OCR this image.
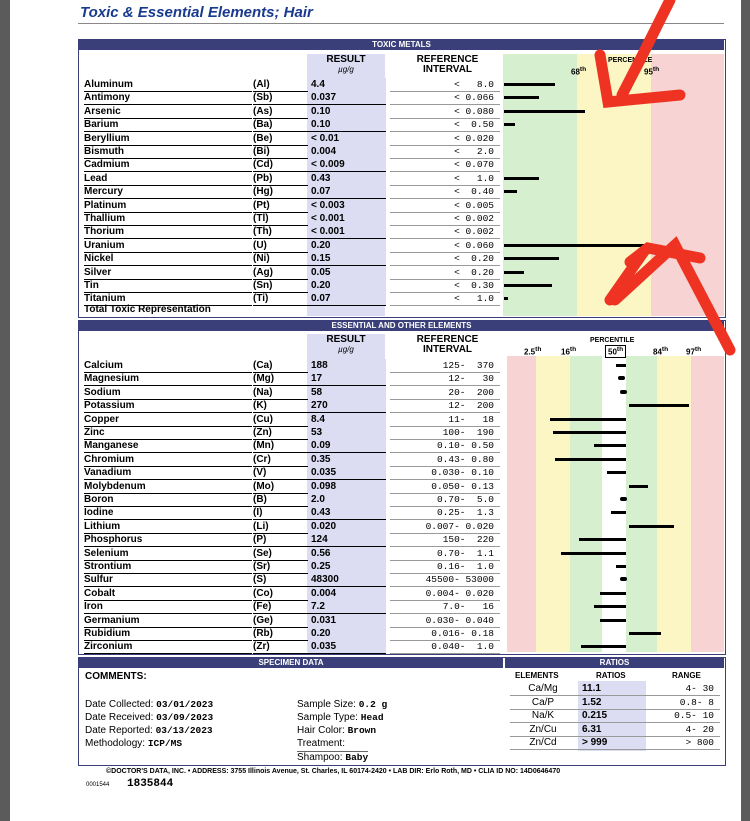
Toxic & Essential Elements; Hair
TOXIC METALS
RESULT
µg/g
REFERENCE
INTERVAL
PERCENTILE
68th	95th
Aluminum	(Al)	4.4	<   8.0
Antimony	(Sb)	0.037	< 0.066
Arsenic	(As)	0.10	< 0.080
Barium	(Ba)	0.10	<  0.50
Beryllium	(Be)	< 0.01	< 0.020
Bismuth	(Bi)	0.004	<   2.0
Cadmium	(Cd)	< 0.009	< 0.070
Lead	(Pb)	0.43	<   1.0
Mercury	(Hg)	0.07	<  0.40
Platinum	(Pt)	< 0.003	< 0.005
Thallium	(Tl)	< 0.001	< 0.002
Thorium	(Th)	< 0.001	< 0.002
Uranium	(U)	0.20	< 0.060
Nickel	(Ni)	0.15	<  0.20
Silver	(Ag)	0.05	<  0.20
Tin	(Sn)	0.20	<  0.30
Titanium	(Ti)	0.07	<   1.0
Total Toxic Representation
ESSENTIAL AND OTHER ELEMENTS
RESULT
µg/g
REFERENCE
INTERVAL
PERCENTILE
2.5th 16th	50th	84th 97th
Calcium	(Ca)	188	125-  370
Magnesium	(Mg)	17	12-   30
Sodium	(Na)	58	20-  200
Potassium	(K)	270	12-  200
Copper	(Cu)	8.4	11-   18
Zinc	(Zn)	53	100-  190
Manganese	(Mn)	0.09	0.10- 0.50
Chromium	(Cr)	0.35	0.43- 0.80
Vanadium	(V)	0.035	0.030- 0.10
Molybdenum	(Mo)	0.098	0.050- 0.13
Boron	(B)	2.0	0.70-  5.0
Iodine	(I)	0.43	0.25-  1.3
Lithium	(Li)	0.020	0.007- 0.020
Phosphorus	(P)	124	150-  220
Selenium	(Se)	0.56	0.70-  1.1
Strontium	(Sr)	0.25	0.16-  1.0
Sulfur	(S)	48300	45500- 53000
Cobalt	(Co)	0.004	0.004- 0.020
Iron	(Fe)	7.2	7.0-   16
Germanium	(Ge)	0.031	0.030- 0.040
Rubidium	(Rb)	0.20	0.016- 0.18
Zirconium	(Zr)	0.035	0.040-  1.0
SPECIMEN DATA	RATIOS
COMMENTS:
Date Collected: 03/01/2023
Date Received: 03/09/2023
Date Reported: 03/13/2023
Methodology: ICP/MS
Sample Size: 0.2 g
Sample Type: Head
Hair Color: Brown
Treatment:
Shampoo: Baby
ELEMENTS	RATIOS	RANGE
Ca/Mg	11.1	4- 30
Ca/P	1.52	0.8- 8
Na/K	0.215	0.5- 10
Zn/Cu	6.31	4- 20
Zn/Cd	> 999	> 800
©DOCTOR'S DATA, INC. • ADDRESS: 3755 Illinois Avenue, St. Charles, IL 60174-2420 • LAB DIR: Erlo Roth, MD • CLIA ID NO: 14D0646470
0001544 1835844
